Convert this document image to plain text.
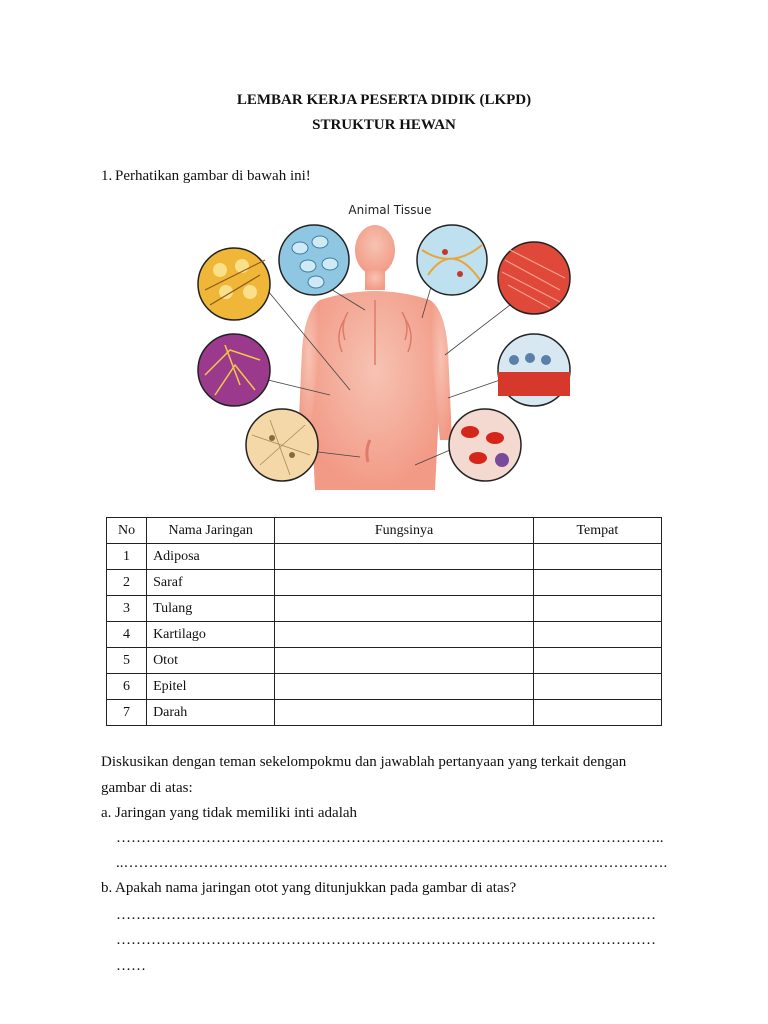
LEMBAR KERJA PESERTA DIDIK (LKPD)
STRUKTUR HEWAN
1. Perhatikan gambar di bawah ini!
Animal Tissue
No	Nama Jaringan	Fungsinya	Tempat
1	Adiposa		
2	Saraf		
3	Tulang		
4	Kartilago		
5	Otot		
6	Epitel		
7	Darah		
Diskusikan dengan teman sekelompokmu dan jawablah pertanyaan yang terkait dengan
gambar di atas:
a. Jaringan yang tidak memiliki inti adalah
………………………………………………………………………………………………..
..……………………………………………………………………………………………….
b. Apakah nama jaringan otot yang ditunjukkan pada gambar di atas?
………………………………………………………………………………………………
………………………………………………………………………………………………
……
